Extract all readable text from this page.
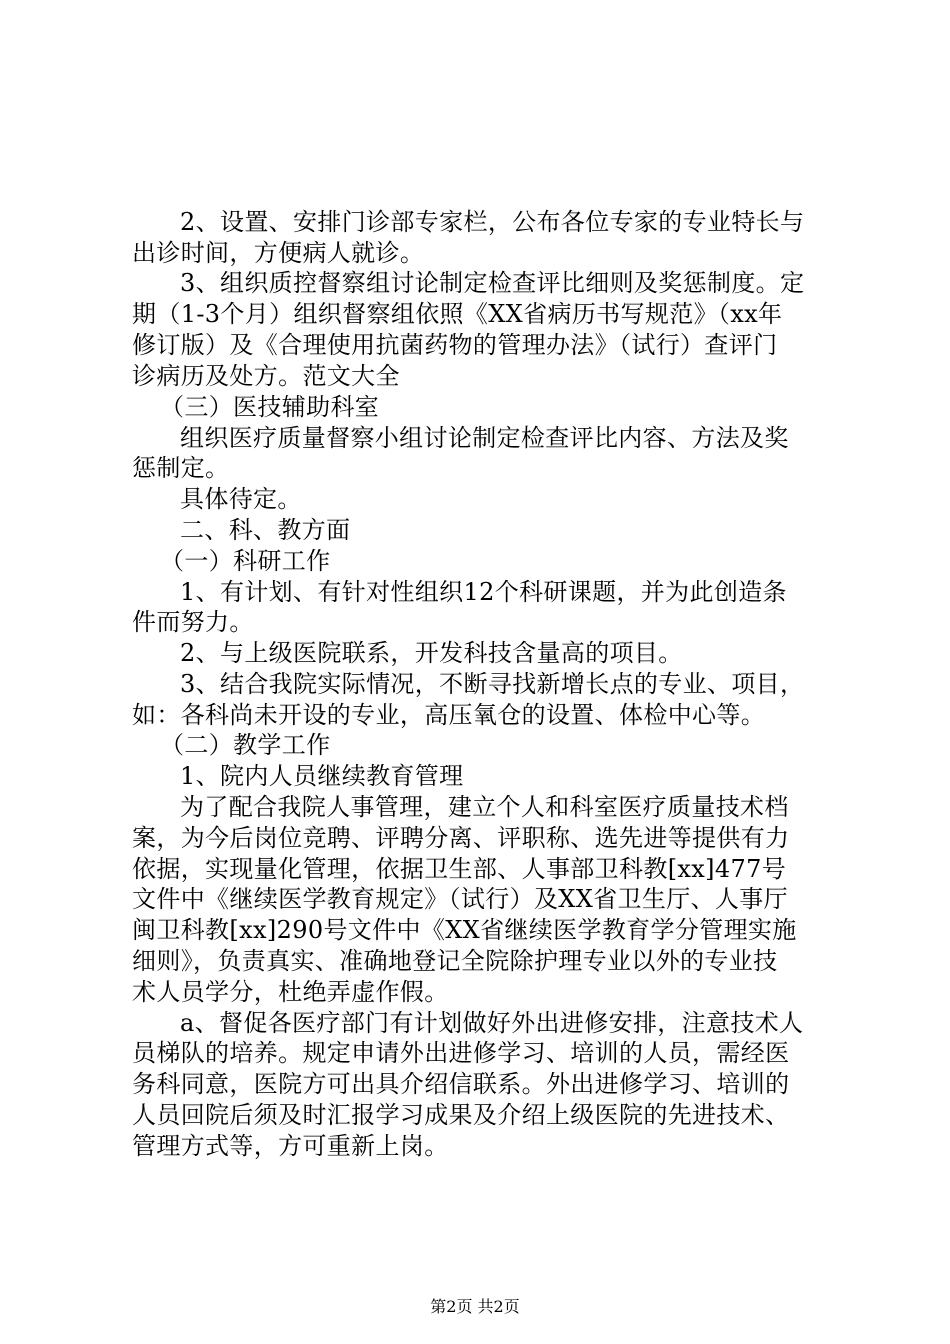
2、设置、安排门诊部专家栏，公布各位专家的专业特长与
出诊时间，方便病人就诊。
3、组织质控督察组讨论制定检查评比细则及奖惩制度。定
期（1-3个月）组织督察组依照《XX省病历书写规范》（xx年
修订版）及《合理使用抗菌药物的管理办法》（试行）查评门
诊病历及处方。范文大全
（三）医技辅助科室
组织医疗质量督察小组讨论制定检查评比内容、方法及奖
惩制定。
具体待定。
二、科、教方面
（一）科研工作
1、有计划、有针对性组织12个科研课题，并为此创造条
件而努力。
2、与上级医院联系，开发科技含量高的项目。
3、结合我院实际情况，不断寻找新增长点的专业、项目，
如：各科尚未开设的专业，高压氧仓的设置、体检中心等。
（二）教学工作
1、院内人员继续教育管理
为了配合我院人事管理，建立个人和科室医疗质量技术档
案，为今后岗位竞聘、评聘分离、评职称、选先进等提供有力
依据，实现量化管理，依据卫生部、人事部卫科教[xx]477号
文件中《继续医学教育规定》（试行）及XX省卫生厅、人事厅
闽卫科教[xx]290号文件中《XX省继续医学教育学分管理实施
细则》，负责真实、准确地登记全院除护理专业以外的专业技
术人员学分，杜绝弄虚作假。
a、督促各医疗部门有计划做好外出进修安排，注意技术人
员梯队的培养。规定申请外出进修学习、培训的人员，需经医
务科同意，医院方可出具介绍信联系。外出进修学习、培训的
人员回院后须及时汇报学习成果及介绍上级医院的先进技术、
管理方式等，方可重新上岗。
第2页 共2页
